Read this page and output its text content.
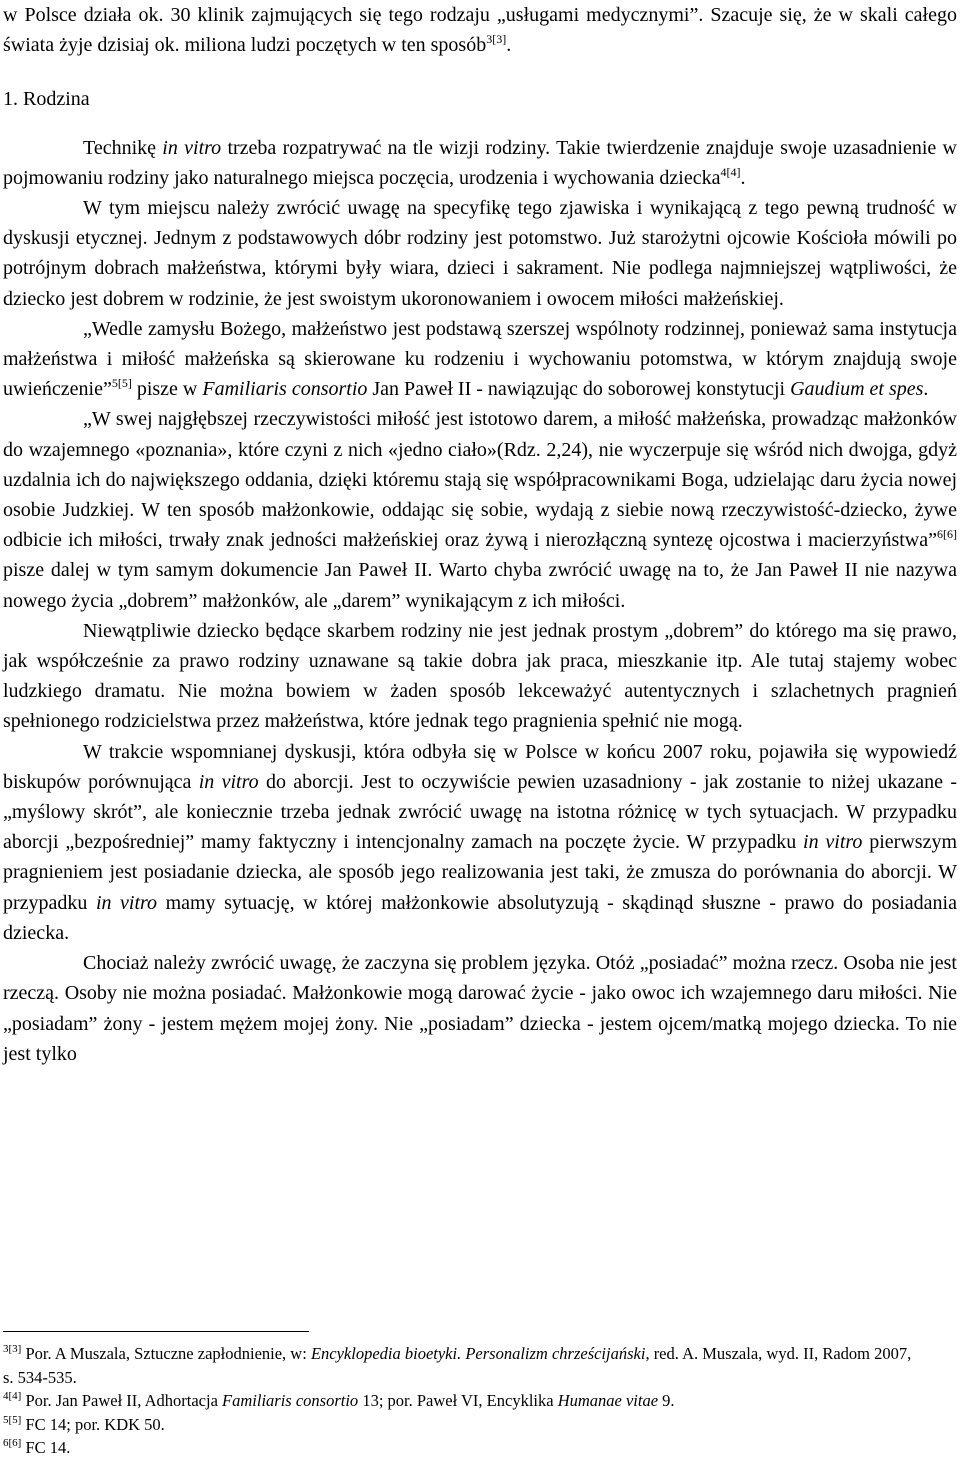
w Polsce działa ok. 30 klinik zajmujących się tego rodzaju „usługami medycznymi”. Szacuje się, że w skali całego świata żyje dzisiaj ok. miliona ludzi poczętych w ten sposób$^{3[3]}$.

1. Rodzina

Technikę in vitro trzeba rozpatrywać na tle wizji rodziny. Takie twierdzenie znajduje swoje uzasadnienie w pojmowaniu rodziny jako naturalnego miejsca poczęcia, urodzenia i wychowania dziecka$^{4[4]}$.

W tym miejscu należy zwrócić uwagę na specyfikę tego zjawiska i wynikającą z tego pewną trudność w dyskusji etycznej. Jednym z podstawowych dóbr rodziny jest potomstwo. Już starożytni ojcowie Kościoła mówili po potrójnym dobrach małżeństwa, którymi były wiara, dzieci i sakrament. Nie podlega najmniejszej wątpliwości, że dziecko jest dobrem w rodzinie, że jest swoistym ukoronowaniem i owocem miłości małżeńskiej.

„Wedle zamysłu Bożego, małżeństwo jest podstawą szerszej wspólnoty rodzinnej, ponieważ sama instytucja małżeństwa i miłość małżeńska są skierowane ku rodzeniu i wychowaniu potomstwa, w którym znajdują swoje uwieńczenie”$^{5[5]}$ pisze w Familiaris consortio Jan Paweł II - nawiązując do soborowej konstytucji Gaudium et spes.

„W swej najgłębszej rzeczywistości miłość jest istotowo darem, a miłość małżeńska, prowadząc małżonków do wzajemnego «poznania», które czyni z nich «jedno ciało»(Rdz. 2,24), nie wyczerpuje się wśród nich dwojga, gdyż uzdalnia ich do największego oddania, dzięki któremu stają się współpracownikami Boga, udzielając daru życia nowej osobie Judzkiej. W ten sposób małżonkowie, oddając się sobie, wydają z siebie nową rzeczywistość-dziecko, żywe odbicie ich miłości, trwały znak jedności małżeńskiej oraz żywą i nierozłączną syntezę ojcostwa i macierzyństwa”$^{6[6]}$ pisze dalej w tym samym dokumencie Jan Paweł II. Warto chyba zwrócić uwagę na to, że Jan Paweł II nie nazywa nowego życia „dobrem” małżonków, ale „darem” wynikającym z ich miłości.

Niewątpliwie dziecko będące skarbem rodziny nie jest jednak prostym „dobrem” do którego ma się prawo, jak współcześnie za prawo rodziny uznawane są takie dobra jak praca, mieszkanie itp. Ale tutaj stajemy wobec ludzkiego dramatu. Nie można bowiem w żaden sposób lekceważyć autentycznych i szlachetnych pragnień spełnionego rodzicielstwa przez małżeństwa, które jednak tego pragnienia spełnić nie mogą.

W trakcie wspomnianej dyskusji, która odbyła się w Polsce w końcu 2007 roku, pojawiła się wypowiedź biskupów porównująca in vitro do aborcji. Jest to oczywiście pewien uzasadniony - jak zostanie to niżej ukazane - „myślowy skrót”, ale koniecznie trzeba jednak zwrócić uwagę na istotna różnicę w tych sytuacjach. W przypadku aborcji „bezpośredniej” mamy faktyczny i intencjonalny zamach na poczęte życie. W przypadku in vitro pierwszym pragnieniem jest posiadanie dziecka, ale sposób jego realizowania jest taki, że zmusza do porównania do aborcji. W przypadku in vitro mamy sytuację, w której małżonkowie absolutyzują - skądinąd słuszne - prawo do posiadania dziecka.

Chociaż należy zwrócić uwagę, że zaczyna się problem języka. Otóż „posiadać” można rzecz. Osoba nie jest rzeczą. Osoby nie można posiadać. Małżonkowie mogą darować życie - jako owoc ich wzajemnego daru miłości. Nie „posiadam” żony - jestem mężem mojej żony. Nie „posiadam” dziecka - jestem ojcem/matką mojego dziecka. To nie jest tylko

$^{3[3]}$ Por. A Muszala, Sztuczne zapłodnienie, w: Encyklopedia bioetyki. Personalizm chrześcijański, red. A. Muszala, wyd. II, Radom 2007, s. 534-535.

$^{4[4]}$ Por. Jan Paweł II, Adhortacja Familiaris consortio 13; por. Paweł VI, Encyklika Humanae vitae 9.

$^{5[5]}$ FC 14; por. KDK 50.

$^{6[6]}$ FC 14.
